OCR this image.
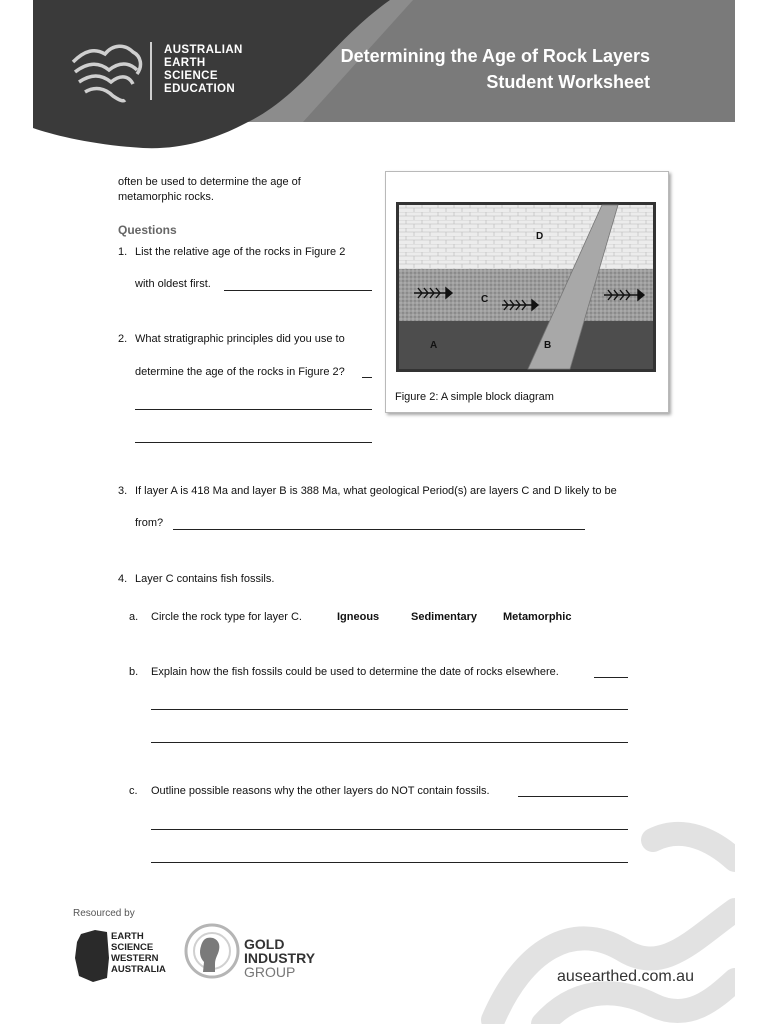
AUSTRALIAN
EARTH
SCIENCE
EDUCATION
Determining the Age of Rock Layers
Student Worksheet
often be used to determine the age of
metamorphic rocks.
Questions
1. List the relative age of the rocks in Figure 2
with oldest first.
2. What stratigraphic principles did you use to
determine the age of the rocks in Figure 2?
D
C
A	B
Figure 2: A simple block diagram
3. If layer A is 418 Ma and layer B is 388 Ma, what geological Period(s) are layers C and D likely to be
from?
4. Layer C contains fish fossils.
a. Circle the rock type for layer C.	Igneous	Sedimentary Metamorphic
b. Explain how the fish fossils could be used to determine the date of rocks elsewhere.
c. Outline possible reasons why the other layers do NOT contain fossils.
Resourced by
EARTH
SCIENCE
WESTERN
AUSTRALIA
GOLD
INDUSTRY
GROUP	ausearthed.com.au
